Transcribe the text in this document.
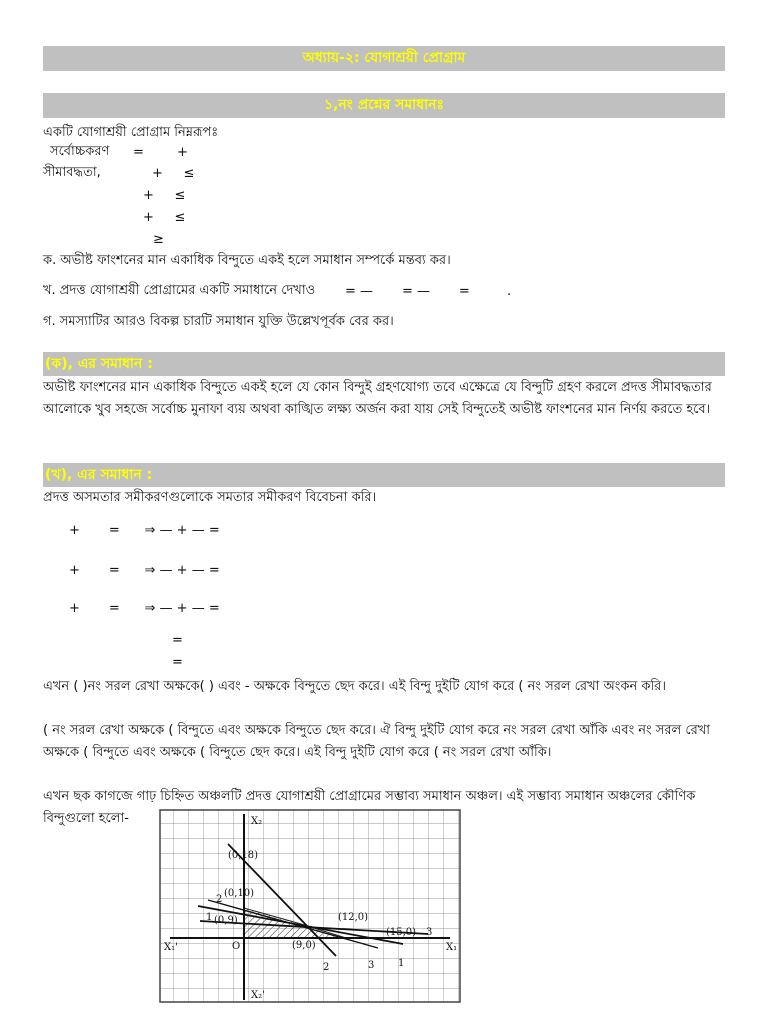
অধ্যায়-২: যোগাশ্রয়ী প্রোগ্রাম
১,নং প্রশ্নের সমাধানঃ
একটি যোগাশ্রয়ী প্রোগ্রাম নিম্নরূপঃ
সর্বোচ্চকরণ =        +
সীমাবদ্ধতা,	+     ≤
+     ≤
+     ≤
≥
ক. অভীষ্ট ফাংশনের মান একাধিক বিন্দুতে একই হলে সমাধান সম্পর্কে মন্তব্য কর।
খ. প্রদত্ত যোগাশ্রয়ী প্রোগ্রামের একটি সমাধানে দেখাও = —       = —       =         .
গ. সমস্যাটির আরও বিকল্প চারটি সমাধান যুক্তি উল্লেখপূর্বক বের কর।
(ক), এর সমাধান :
অভীষ্ট ফাংশনের মান একাধিক বিন্দুতে একই হলে যে কোন বিন্দুই গ্রহণযোগ্য তবে এক্ষেত্রে যে বিন্দুটি গ্রহণ করলে প্রদত্ত সীমাবদ্ধতার আলোকে খুব সহজে সর্বোচ্চ মুনাফা ব্যয় অথবা কাঙ্খিত লক্ষ্য অর্জন করা যায় সেই বিন্দুতেই অভীষ্ট ফাংশনের মান নির্ণয় করতে হবে।
(খ), এর সমাধান :
প্রদত্ত অসমতার সমীকরণগুলোকে সমতার সমীকরণ বিবেচনা করি।
+       =      ⇒ — + — =
+       =      ⇒ — + — =
+       =      ⇒ — + — =
=
=
এখন ( )নং সরল রেখা অক্ষকে( ) এবং - অক্ষকে বিন্দুতে ছেদ করে। এই বিন্দু দুইটি যোগ করে ( নং সরল রেখা অংকন করি।
( নং সরল রেখা অক্ষকে ( বিন্দুতে এবং অক্ষকে বিন্দুতে ছেদ করে। ঐ বিন্দু দুইটি যোগ করে নং সরল রেখা আঁকি এবং নং সরল রেখা অক্ষকে ( বিন্দুতে এবং অক্ষকে ( বিন্দুতে ছেদ করে। এই বিন্দু দুইটি যোগ করে ( নং সরল রেখা আঁকি।
এখন ছক কাগজে গাঢ় চিহ্নিত অঞ্চলটি প্রদত্ত যোগাশ্রয়ী প্রোগ্রামের সম্ভাব্য সমাধান অঞ্চল। এই সম্ভাব্য সমাধান অঞ্চলের কৌণিক বিন্দুগুলো হলো-	X₂
X₂'
X₁'	X₁
O
(0,18)
(0,10)
(0,9)	(12,0)
(15,0)
(9,0)
1
2	3
3
1
2
